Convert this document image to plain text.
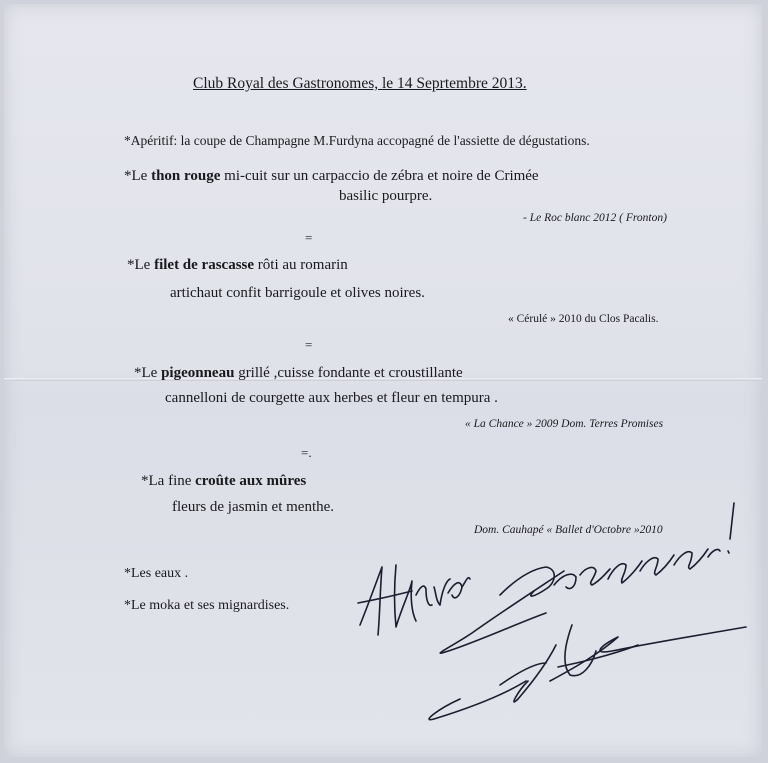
Club Royal des Gastronomes, le 14 Seprtembre 2013.
*Apéritif: la coupe de Champagne M.Furdyna accopagné de l'assiette de dégustations.
*Le thon rouge mi-cuit sur un carpaccio de zébra et noire de Crimée
basilic pourpre.
- Le Roc blanc 2012 ( Fronton)
=
*Le filet de rascasse rôti au romarin
artichaut confit barrigoule et olives noires.
« Cérulé » 2010 du Clos Pacalis.
=
*Le pigeonneau grillé ,cuisse fondante et croustillante
cannelloni de courgette aux herbes et fleur en tempura .
« La Chance » 2009 Dom. Terres Promises
=.
*La fine croûte aux mûres
fleurs de jasmin et menthe.
Dom. Cauhapé « Ballet d'Octobre »2010
*Les eaux .
*Le moka et ses mignardises.
